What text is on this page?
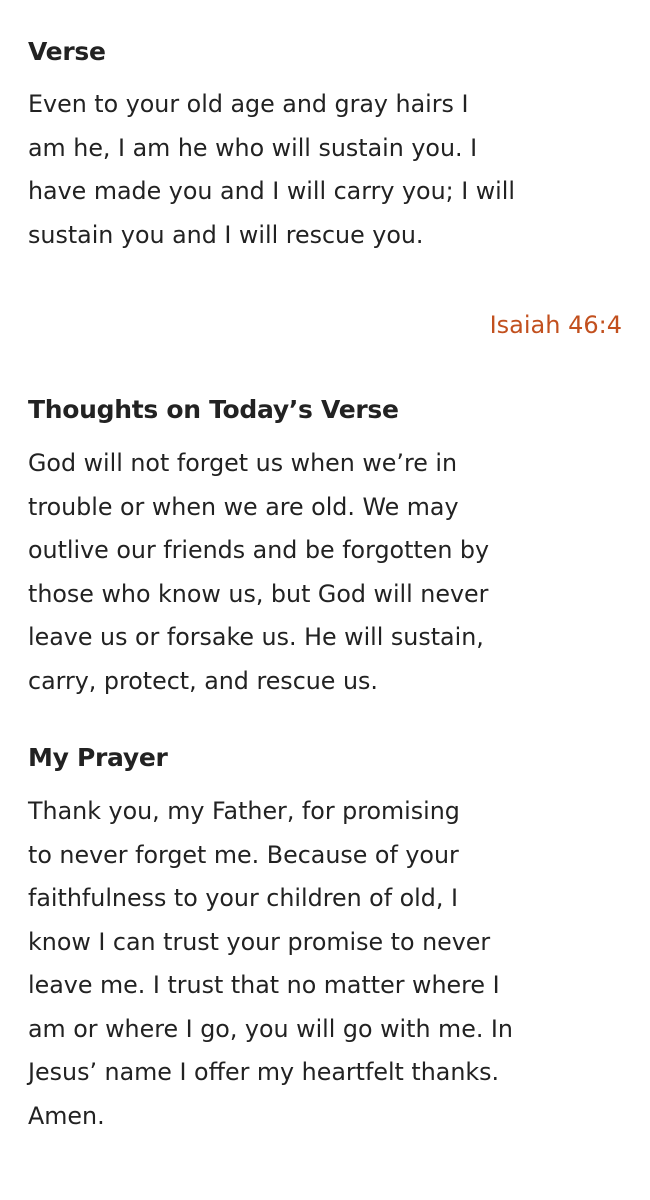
Verse

Even to your old age and gray hairs I
am he, I am he who will sustain you. I
have made you and I will carry you; I will
sustain you and I will rescue you.

Isaiah 46:4
Thoughts on Today’s Verse

God will not forget us when we’re in
trouble or when we are old. We may
outlive our friends and be forgotten by
those who know us, but God will never
leave us or forsake us. He will sustain,
carry, protect, and rescue us.

My Prayer

Thank you, my Father, for promising
to never forget me. Because of your
faithfulness to your children of old, I
know I can trust your promise to never
leave me. I trust that no matter where I
am or where I go, you will go with me. In
Jesus’ name I offer my heartfelt thanks.
Amen.
